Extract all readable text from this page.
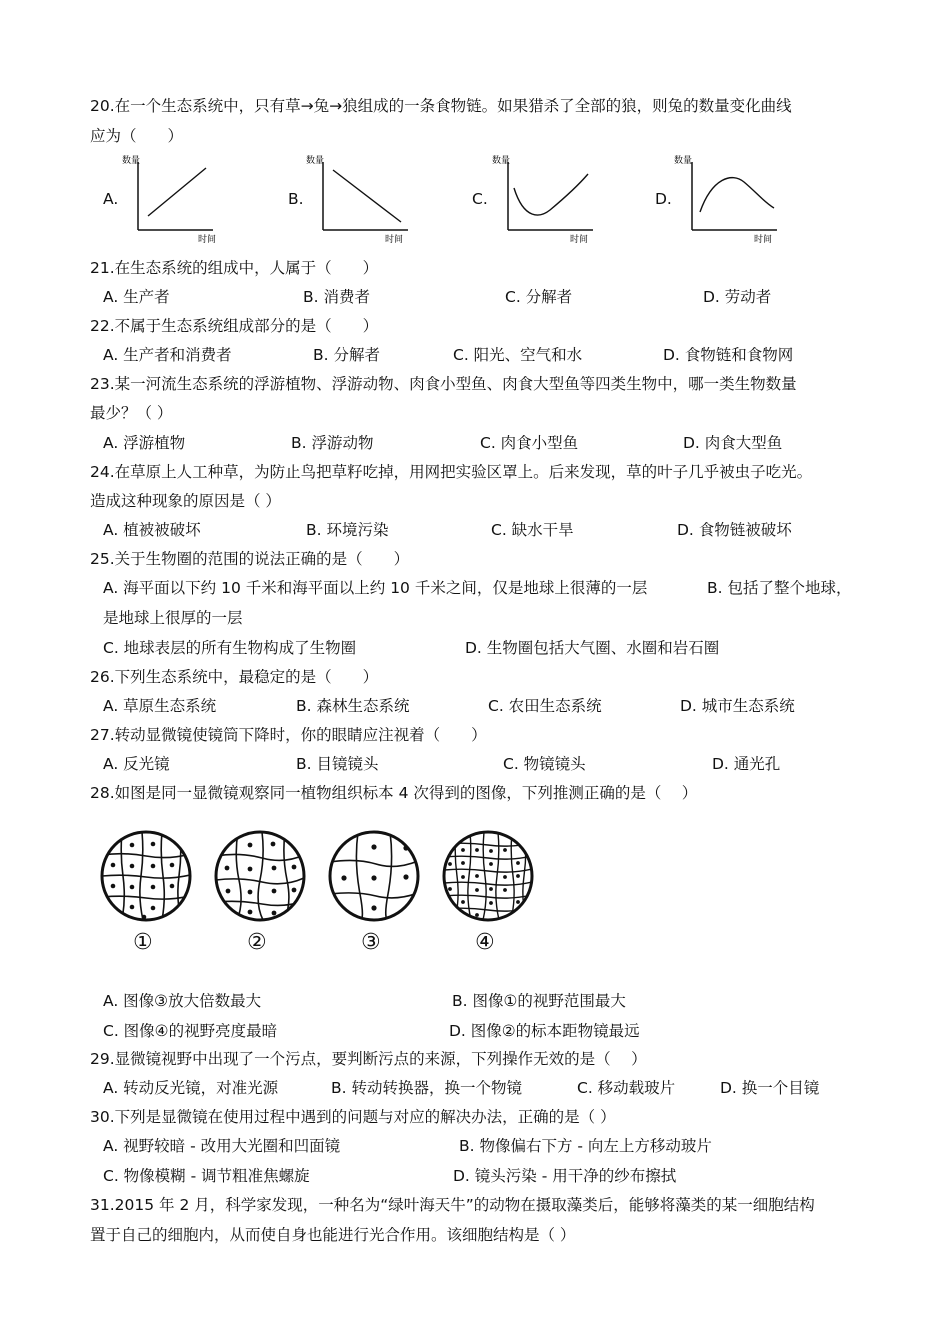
20.在一个生态系统中，只有草→兔→狼组成的一条食物链。如果猎杀了全部的狼，则兔的数量变化曲线
应为（　　）
A.
数量
时间
B.
数量
时间
C.
数量
时间
D.
数量
时间
21.在生态系统的组成中，人属于（　　）
A. 生产者	B. 消费者	C. 分解者	D. 劳动者
22.不属于生态系统组成部分的是（　　）
A. 生产者和消费者	B. 分解者	C. 阳光、空气和水	D. 食物链和食物网
23.某一河流生态系统的浮游植物、浮游动物、肉食小型鱼、肉食大型鱼等四类生物中，哪一类生物数量
最少？（ ）
A. 浮游植物	B. 浮游动物	C. 肉食小型鱼	D. 肉食大型鱼
24.在草原上人工种草，为防止鸟把草籽吃掉，用网把实验区罩上。后来发现，草的叶子几乎被虫子吃光。
造成这种现象的原因是（ ）
A. 植被被破坏	B. 环境污染	C. 缺水干旱	D. 食物链被破坏
25.关于生物圈的范围的说法正确的是（　　）
A. 海平面以下约 10 千米和海平面以上约 10 千米之间，仅是地球上很薄的一层	B. 包括了整个地球，
是地球上很厚的一层
C. 地球表层的所有生物构成了生物圈	D. 生物圈包括大气圈、水圈和岩石圈
26.下列生态系统中，最稳定的是（　　）
A. 草原生态系统	B. 森林生态系统	C. 农田生态系统	D. 城市生态系统
27.转动显微镜使镜筒下降时，你的眼睛应注视着（　　）
A. 反光镜	B. 目镜镜头	C. 物镜镜头	D. 通光孔
28.如图是同一显微镜观察同一植物组织标本 4 次得到的图像，下列推测正确的是（　 ）
①	②	③	④
A. 图像③放大倍数最大	B. 图像①的视野范围最大
C. 图像④的视野亮度最暗	D. 图像②的标本距物镜最远
29.显微镜视野中出现了一个污点，要判断污点的来源，下列操作无效的是（　 ）
A. 转动反光镜，对准光源	B. 转动转换器，换一个物镜	C. 移动载玻片	D. 换一个目镜
30.下列是显微镜在使用过程中遇到的问题与对应的解决办法，正确的是（ ）
A. 视野较暗 - 改用大光圈和凹面镜	B. 物像偏右下方 - 向左上方移动玻片
C. 物像模糊 - 调节粗准焦螺旋	D. 镜头污染 - 用干净的纱布擦拭
31.2015 年 2 月，科学家发现，一种名为“绿叶海天牛”的动物在摄取藻类后，能够将藻类的某一细胞结构
置于自己的细胞内，从而使自身也能进行光合作用。该细胞结构是（ ）
